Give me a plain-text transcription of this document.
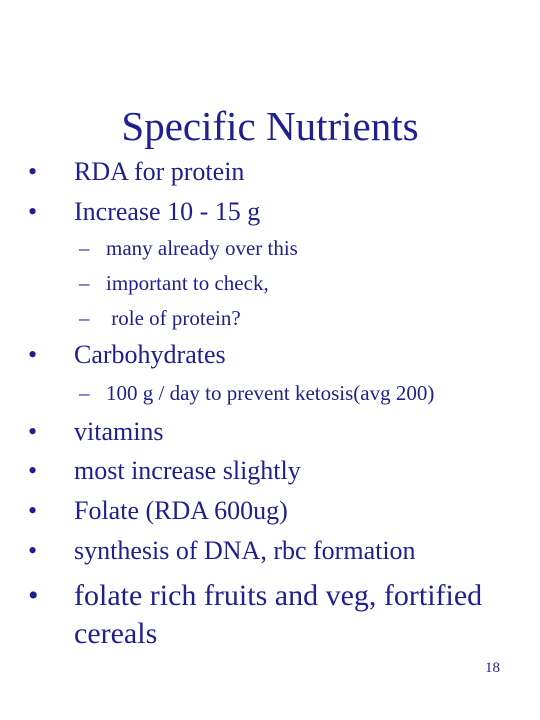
Specific Nutrients
• RDA for protein
• Increase 10 - 15 g
– many already over this
– important to check,
– role of protein?
• Carbohydrates
– 100 g / day to prevent ketosis(avg 200)
• vitamins
• most increase slightly
• Folate (RDA 600ug)
• synthesis of DNA, rbc formation
• folate rich fruits and veg, fortified cereals
18
